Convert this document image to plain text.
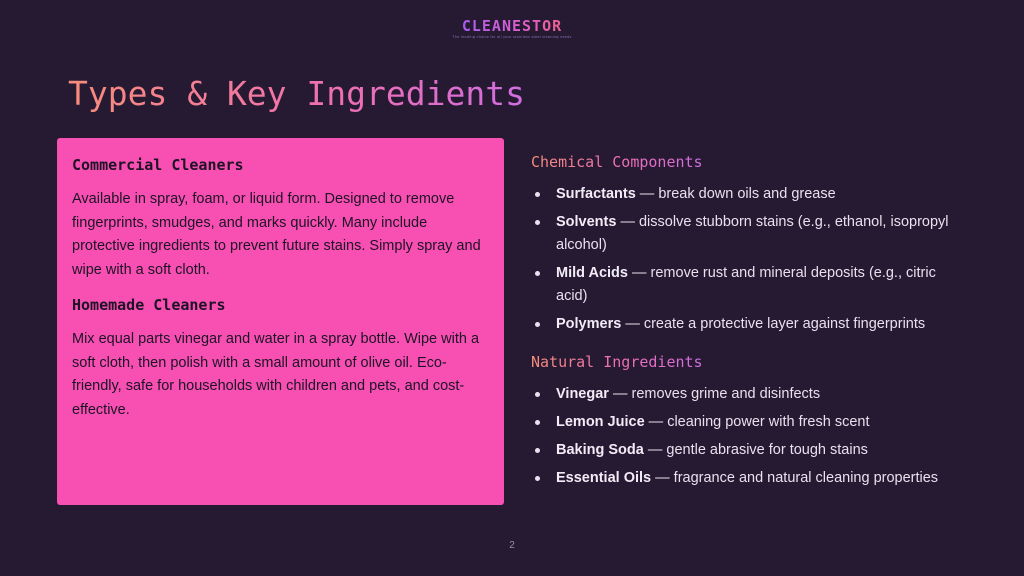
CLEANESTOR
The leading choice for all your stainless steel cleaning needs
Types & Key Ingredients
Commercial Cleaners

Available in spray, foam, or liquid form. Designed to remove fingerprints, smudges, and marks quickly. Many include protective ingredients to prevent future stains. Simply spray and wipe with a soft cloth.

Homemade Cleaners

Mix equal parts vinegar and water in a spray bottle. Wipe with a soft cloth, then polish with a small amount of olive oil. Eco-friendly, safe for households with children and pets, and cost-effective.

Chemical Components
Surfactants — break down oils and grease
Solvents — dissolve stubborn stains (e.g., ethanol, isopropyl alcohol)
Mild Acids — remove rust and mineral deposits (e.g., citric acid)
Polymers — create a protective layer against fingerprints
Natural Ingredients
Vinegar — removes grime and disinfects
Lemon Juice — cleaning power with fresh scent
Baking Soda — gentle abrasive for tough stains
Essential Oils — fragrance and natural cleaning properties
2
